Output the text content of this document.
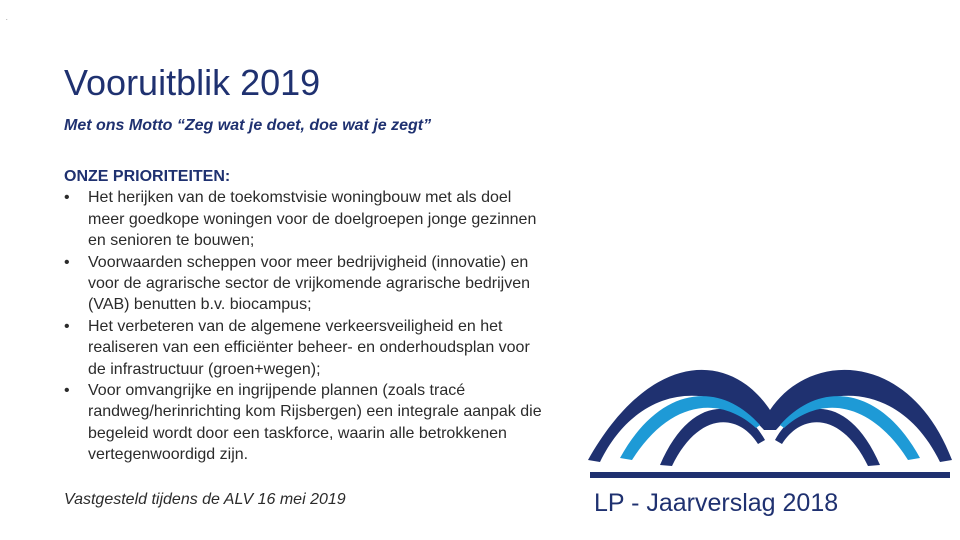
.
Vooruitblik 2019
Met ons Motto “Zeg wat je doet, doe wat je zegt”
ONZE PRIORITEITEN:
•	Het herijken van de toekomstvisie woningbouw met als doel meer goedkope woningen voor de doelgroepen jonge gezinnen en senioren te bouwen;
•	Voorwaarden scheppen voor meer bedrijvigheid (innovatie) en voor de agrarische sector de vrijkomende agrarische bedrijven (VAB) benutten b.v. biocampus;
•	Het verbeteren van de algemene verkeersveiligheid en het realiseren van een efficiënter beheer- en onderhoudsplan voor de infrastructuur (groen+wegen);
•	Voor omvangrijke en ingrijpende plannen (zoals tracé randweg/herinrichting kom Rijsbergen) een integrale aanpak die begeleid wordt door een taskforce, waarin alle betrokkenen vertegenwoordigd zijn.
Vastgesteld tijdens de ALV 16 mei 2019	LP - Jaarverslag 2018
